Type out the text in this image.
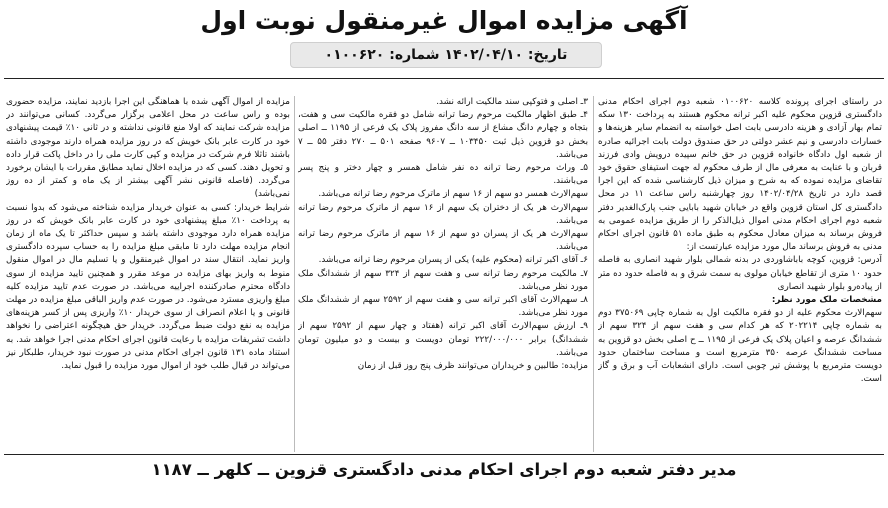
آگهی مزایده اموال غیرمنقول نوبت اول
تاریخ: ۱۴۰۲/۰۴/۱۰ شماره: ۰۱۰۰۶۲۰

در راستای اجرای پرونده کلاسه ۰۱۰۰۶۲۰ شعبه دوم اجرای احکام مدنی دادگستری قزوین محکوم علیه اکبر ترانه محکوم هستند به پرداخت ۱۳۰ سکه تمام بهار آزادی و هزینه دادرسی بابت اصل خواسته به انضمام سایر هزینه‌ها و خسارات دادرسی و نیم عشر دولتی در حق صندوق دولت بابت اجرائیه صادره از شعبه اول دادگاه خانواده قزوین در حق خانم سپیده درویش وادی فرزند قربان و با عنایت به معرفی مال از طرف محکوم له جهت استیفای حقوق خود تقاضای مزایده نموده که به شرح و میزان ذیل کارشناسی شده که این اجرا قصد دارد در تاریخ ۱۴۰۲/۰۴/۲۸ روز چهارشنبه راس ساعت ۱۱ در محل دادگستری کل استان قزوین واقع در خیابان شهید بابایی جنب پارک‌الغدیر دفتر شعبه دوم اجرای احکام مدنی اموال ذیل‌الذکر را از طریق مزایده عمومی به فروش برساند به میزان معادل محکوم به طبق ماده ۵۱ قانون اجرای احکام مدنی به فروش برساند مال مورد مزایده عبارتست از:

آدرس: قزوین، کوچه باباشاوردی در بدنه شمالی بلوار شهید انصاری به فاصله حدود ۱۰ متری از تقاطع خیابان مولوی به سمت شرق و به فاصله حدود ده متر از پیاده‌رو بلوار شهید انصاری

مشخصات ملک مورد نظر:

سهم‌الارث محکوم علیه از دو فقره مالکیت اول به شماره چاپی ۳۷۵۰۶۹ دوم به شماره چاپی ۲۰۲۲۱۴ که هر کدام سی و هفت سهم از ۳۲۴ سهم از ششدانگ عرصه و اعیان پلاک یک فرعی از ۱۱۹۵ ــ ح اصلی بخش دو قزوین به مساحت ششدانگ عرصه ۳۵۰ مترمربع است و مساحت ساختمان حدود دویست مترمربع با پوشش تیر چوبی است. دارای انشعابات آب و برق و گاز است.

۳ـ اصلی و فتوکپی سند مالکیت ارائه نشد.

۴ـ طبق اظهار مالکیت مرحوم رضا ترانه شامل دو فقره مالکیت سی و هفت، بتجاه و چهارم دانگ مشاع از سه دانگ مفروز پلاک یک فرعی از ۱۱۹۵ ــ اصلی بخش دو قزوین ذیل ثبت ۱۰۳۴۵۰ ــ ۹۶۰۷ صفحه ۵۰۱ ــ ۲۷۰ دفتر ۵۵ ــ ۷ می‌باشد.

۵ـ وراث مرحوم رضا ترانه ده نفر شامل همسر و چهار دختر و پنج پسر می‌باشند.

سهم‌الارث همسر دو سهم از ۱۶ سهم از ماترک مرحوم رضا ترانه می‌باشد.

سهم‌الارث هر یک از دختران یک سهم از ۱۶ سهم از ماترک مرحوم رضا ترانه می‌باشد.

سهم‌الارث هر یک از پسران دو سهم از ۱۶ سهم از ماترک مرحوم رضا ترانه می‌باشد.

۶ـ آقای اکبر ترانه (محکوم علیه) یکی از پسران مرحوم رضا ترانه می‌باشد.

۷ـ مالکیت مرحوم رضا ترانه سی و هفت سهم از ۳۲۴ سهم از ششدانگ ملک مورد نظر می‌باشد.

۸ـ سهم‌الارث آقای اکبر ترانه سی و هفت سهم از ۲۵۹۲ سهم از ششدانگ ملک مورد نظر می‌باشد.

۹ـ ارزش سهم‌الارث آقای اکبر ترانه (هفتاد و چهار سهم از ۲۵۹۲ سهم از ششدانگ) برابر ۲۲۲/۰۰۰/۰۰۰ تومان دویست و بیست و دو میلیون تومان می‌باشد.

مزایده: طالبین و خریداران می‌توانند ظرف پنج روز قبل از زمان

مزایده از اموال آگهی شده با هماهنگی این اجرا بازدید نمایند، مزایده حضوری بوده و راس ساعت در محل اعلامی برگزار می‌گردد. کسانی می‌توانند در مزایده شرکت نمایند که اولا منع قانونی نداشته و در ثانی ۱۰٪ قیمت پیشنهادی خود در کارت عابر بانک خویش که در روز مزایده همراه دارند موجودی داشته باشند تاثلا فرم شرکت در مزایده و کپی کارت ملی را در داخل پاکت قرار داده و تحویل دهند. کسی که در مزایده اخلال نماید مطابق مقررات با ایشان برخورد می‌گردد. (فاصله قانونی نشر آگهی بیشتر از یک ماه و کمتر از ده روز نمی‌باشد)

شرایط خریدار: کسی به عنوان خریدار مزایده شناخته می‌شود که بدوا نسبت به پرداخت ۱۰٪ مبلغ پیشنهادی خود در کارت عابر بانک خویش که در روز مزایده همراه دارد موجودی داشته باشد و سپس حداکثر تا یک ماه از زمان انجام مزایده مهلت دارد تا مابقی مبلغ مزایده را به حساب سپرده دادگستری واریز نماید. انتقال سند در اموال غیرمنقول و یا تسلیم مال در اموال منقول منوط به واریز بهای مزایده در موعد مقرر و همچنین تایید مزایده از سوی دادگاه محترم صادرکننده اجراییه می‌باشد. در صورت عدم تایید مزایده کلیه مبلغ واریزی مسترد می‌شود. در صورت عدم واریز الباقی مبلغ مزایده در مهلت قانونی و یا اعلام انصراف از سوی خریدار ۱۰٪ واریزی پس از کسر هزینه‌های مزایده به نفع دولت ضبط می‌گردد. خریدار حق هیچگونه اعتراضی را نخواهد داشت تشریفات مزایده با رعایت قانون اجرای احکام مدنی اجرا خواهد شد. به استناد ماده ۱۳۱ قانون اجرای احکام مدنی در صورت نبود خریدار، طلبکار نیز می‌تواند در قبال طلب خود از اموال مورد مزایده را قبول نماید.

مدیر دفتر شعبه دوم اجرای احکام مدنی دادگستری قزوین ــ کلهر ــ ۱۱۸۷
